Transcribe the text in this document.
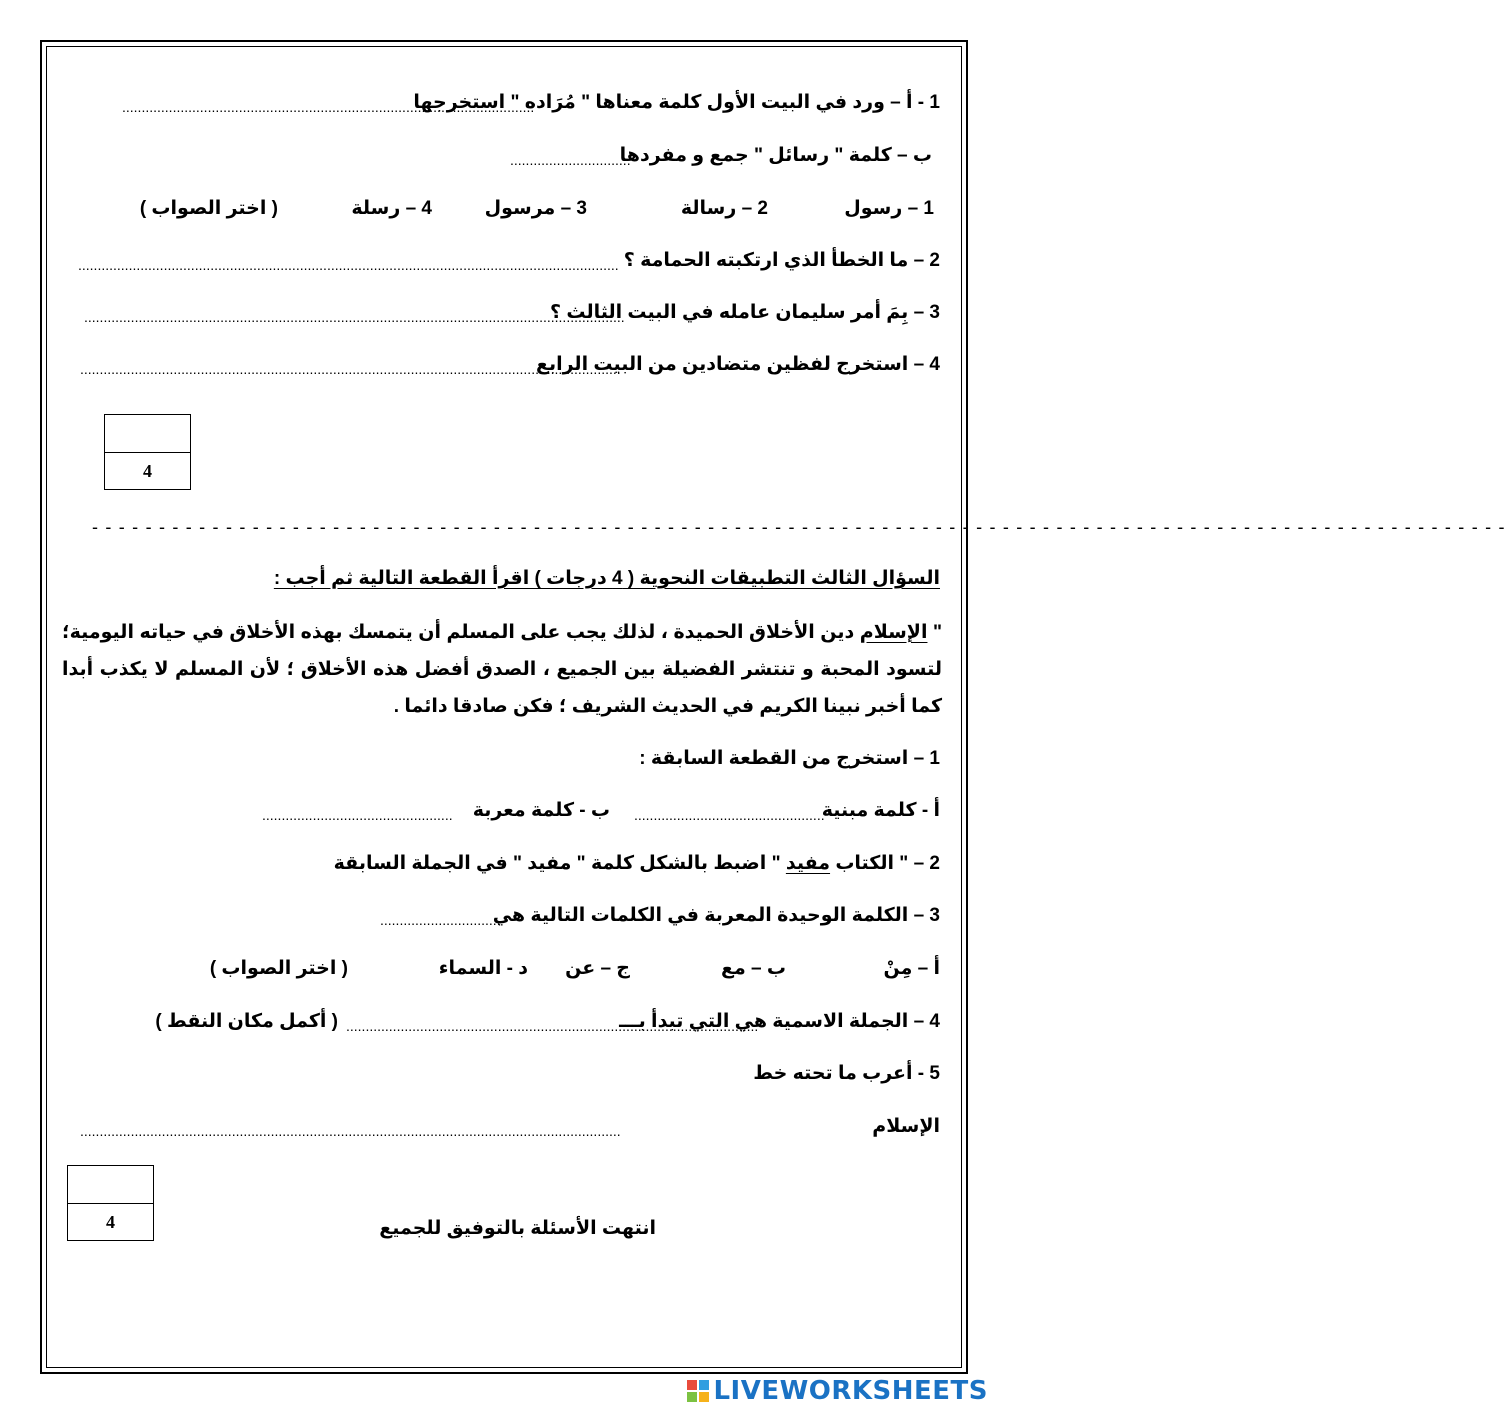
1 - أ – ورد في البيت الأول كلمة معناها " مُرَاده " استخرجها
..........................................................................................................
ب – كلمة " رسائل " جمع و مفردها
...............................
1 – رسول
2 – رسالة
3 – مرسول
4 – رسلة
( اختر الصواب )
2 – ما الخطأ الذي ارتكبته الحمامة ؟
...........................................................................................................................................
3 – بِمَ أمر سليمان عامله في البيت الثالث ؟
...........................................................................................................................................
4 – استخرج لفظين متضادين من البيت الرابع
...........................................................................................................................................
4
- - - - - - - - - - - - - - - - - - - - - - - - - - - - - - - - - - - - - - - - - - - - - - - - - - - - - - - - - - - - - - - - - - - - - - - - - - - - - - - - - - - - - - - - - - - - - - - - - - - - - - - - - -
السؤال الثالث التطبيقات النحوية ( 4 درجات ) اقرأ القطعة التالية ثم أجب :
" الإسلام دين الأخلاق الحميدة ، لذلك يجب على المسلم أن يتمسك بهذه الأخلاق في حياته اليومية؛ لتسود المحبة و تنتشر الفضيلة بين الجميع ، الصدق أفضل هذه الأخلاق ؛ لأن المسلم لا يكذب أبدا كما أخبر نبينا الكريم في الحديث الشريف ؛ فكن صادقا دائما .
1 – استخرج من القطعة السابقة :
أ - كلمة مبنية
.................................................
ب - كلمة معربة
.................................................
2 – " الكتاب مفيد " اضبط بالشكل كلمة " مفيد " في الجملة السابقة
3 – الكلمة الوحيدة المعربة في الكلمات التالية هي
...............................
أ – مِنْ
ب – مع
ج – عن
د - السماء
( اختر الصواب )
4 – الجملة الاسمية هي التي تبدأ بـــ
..........................................................................................................
( أكمل مكان النقط )
5 - أعرب ما تحته خط
الإسلام
...........................................................................................................................................
4	انتهت الأسئلة بالتوفيق للجميع
LIVEWORKSHEETS
